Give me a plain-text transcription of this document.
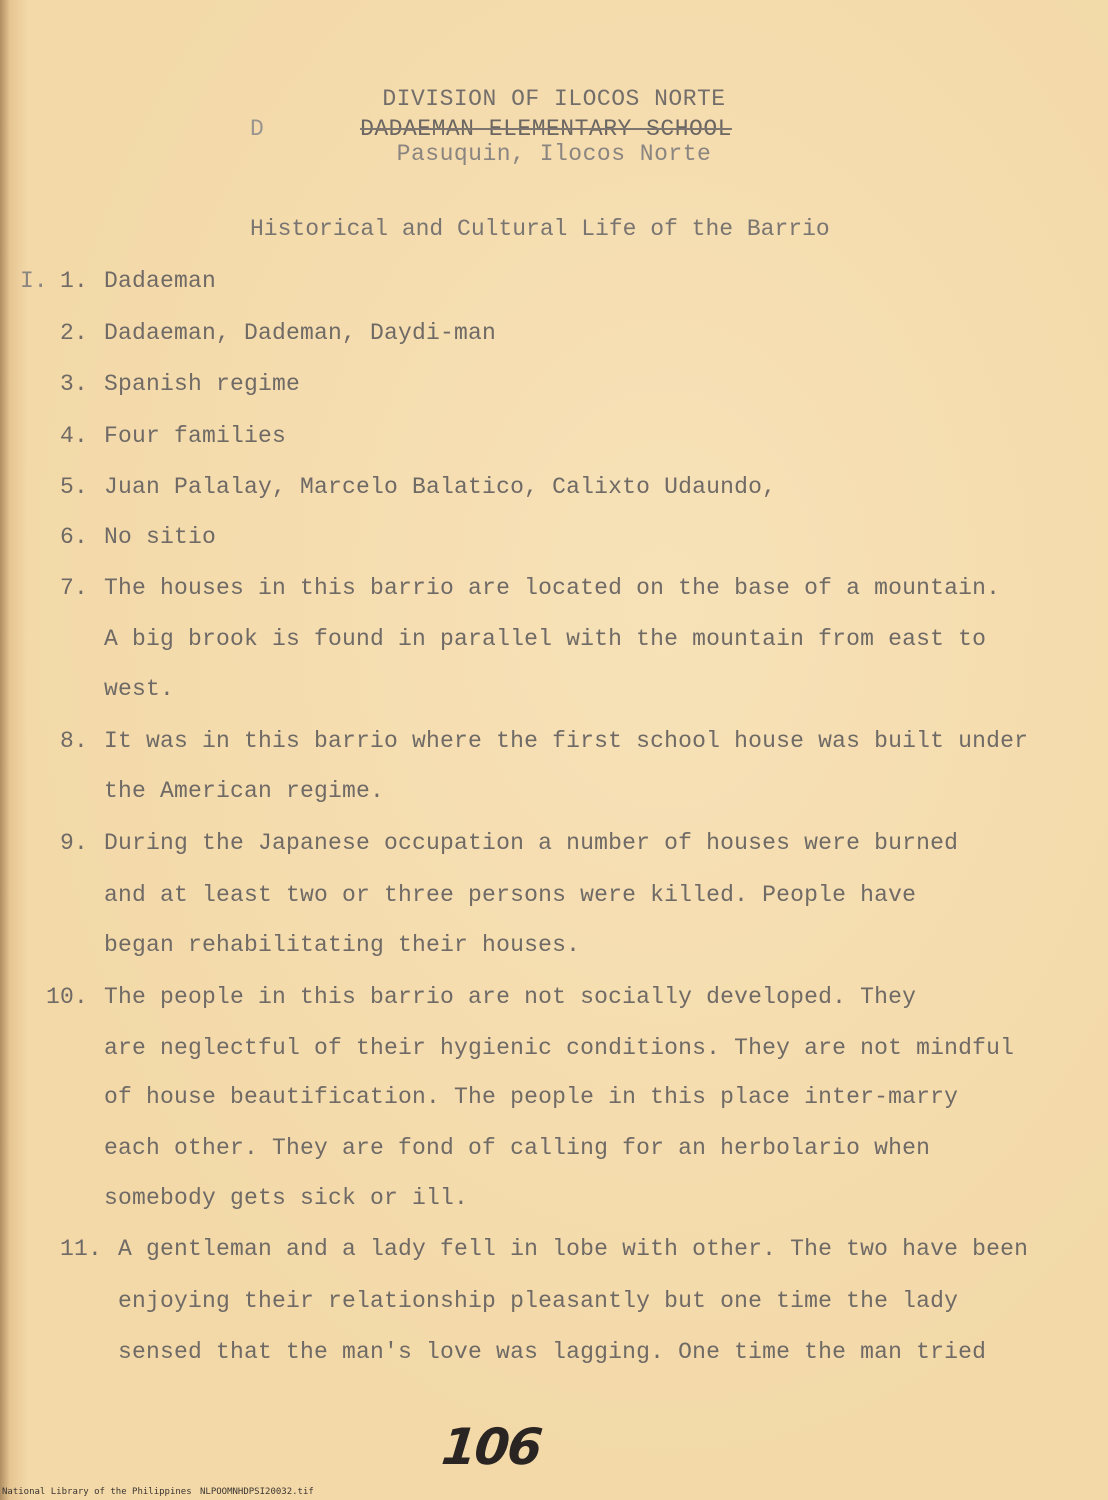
DIVISION OF ILOCOS NORTE
D	DADAEMAN ELEMENTARY SCHOOL
Pasuquin, Ilocos Norte
Historical and Cultural Life of the Barrio
I. 1. Dadaeman
2. Dadaeman, Dademan, Daydi-man
3. Spanish regime
4. Four families
5. Juan Palalay, Marcelo Balatico, Calixto Udaundo,
6. No sitio
7. The houses in this barrio are located on the base of a mountain.
A big brook is found in parallel with the mountain from east to
west.
8. It was in this barrio where the first school house was built under
the American regime.
9. During the Japanese occupation a number of houses were burned
and at least two or three persons were killed. People have
began rehabilitating their houses.
10. The people in this barrio are not socially developed. They
are neglectful of their hygienic conditions. They are not mindful
of house beautification. The people in this place inter-marry
each other. They are fond of calling for an herbolario when
somebody gets sick or ill.
11. A gentleman and a lady fell in lobe with other. The two have been
enjoying their relationship pleasantly but one time the lady
sensed that the man's love was lagging. One time the man tried
106
National Library of the Philippines NLPOOMNHDPSI20032.tif
